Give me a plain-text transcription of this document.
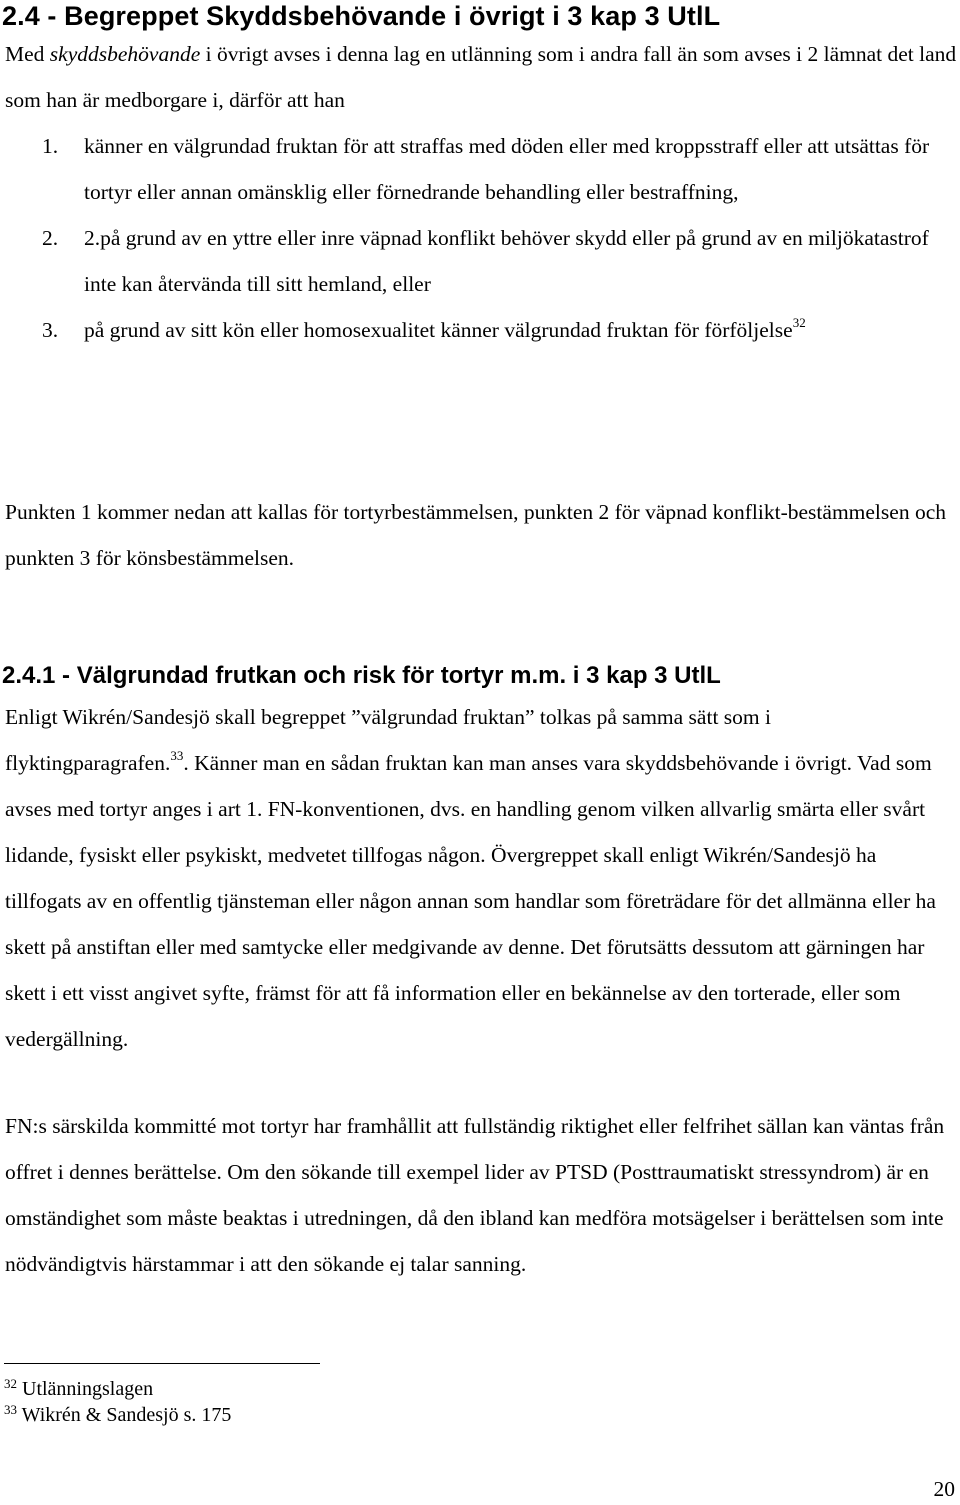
2.4 - Begreppet Skyddsbehövande i övrigt i 3 kap 3 UtlL

Med skyddsbehövande i övrigt avses i denna lag en utlänning som i andra fall än som avses i 2 lämnat det land som han är medborgare i, därför att han

1. känner en välgrundad fruktan för att straffas med döden eller med kroppsstraff eller att utsättas för tortyr eller annan omänsklig eller förnedrande behandling eller bestraffning,
2. 2.på grund av en yttre eller inre väpnad konflikt behöver skydd eller på grund av en miljökatastrof inte kan återvända till sitt hemland, eller
3. på grund av sitt kön eller homosexualitet känner välgrundad fruktan för förföljelse$^{32}$

Punkten 1 kommer nedan att kallas för tortyrbestämmelsen, punkten 2 för väpnad konflikt-bestämmelsen och punkten 3 för könsbestämmelsen.

2.4.1 - Välgrundad frutkan och risk för tortyr m.m. i 3 kap 3 UtlL

Enligt Wikrén/Sandesjö skall begreppet ”välgrundad fruktan” tolkas på samma sätt som i flyktingparagrafen.$^{33}$. Känner man en sådan fruktan kan man anses vara skyddsbehövande i övrigt. Vad som avses med tortyr anges i art 1. FN-konventionen, dvs. en handling genom vilken allvarlig smärta eller svårt lidande, fysiskt eller psykiskt, medvetet tillfogas någon. Övergreppet skall enligt Wikrén/Sandesjö ha tillfogats av en offentlig tjänsteman eller någon annan som handlar som företrädare för det allmänna eller ha skett på anstiftan eller med samtycke eller medgivande av denne. Det förutsätts dessutom att gärningen har skett i ett visst angivet syfte, främst för att få information eller en bekännelse av den torterade, eller som vedergällning.

FN:s särskilda kommitté mot tortyr har framhållit att fullständig riktighet eller felfrihet sällan kan väntas från offret i dennes berättelse. Om den sökande till exempel lider av PTSD (Posttraumatiskt stressyndrom) är en omständighet som måste beaktas i utredningen, då den ibland kan medföra motsägelser i berättelsen som inte nödvändigtvis härstammar i att den sökande ej talar sanning.

$^{32}$ Utlänningslagen
$^{33}$ Wikrén & Sandesjö s. 175
20
